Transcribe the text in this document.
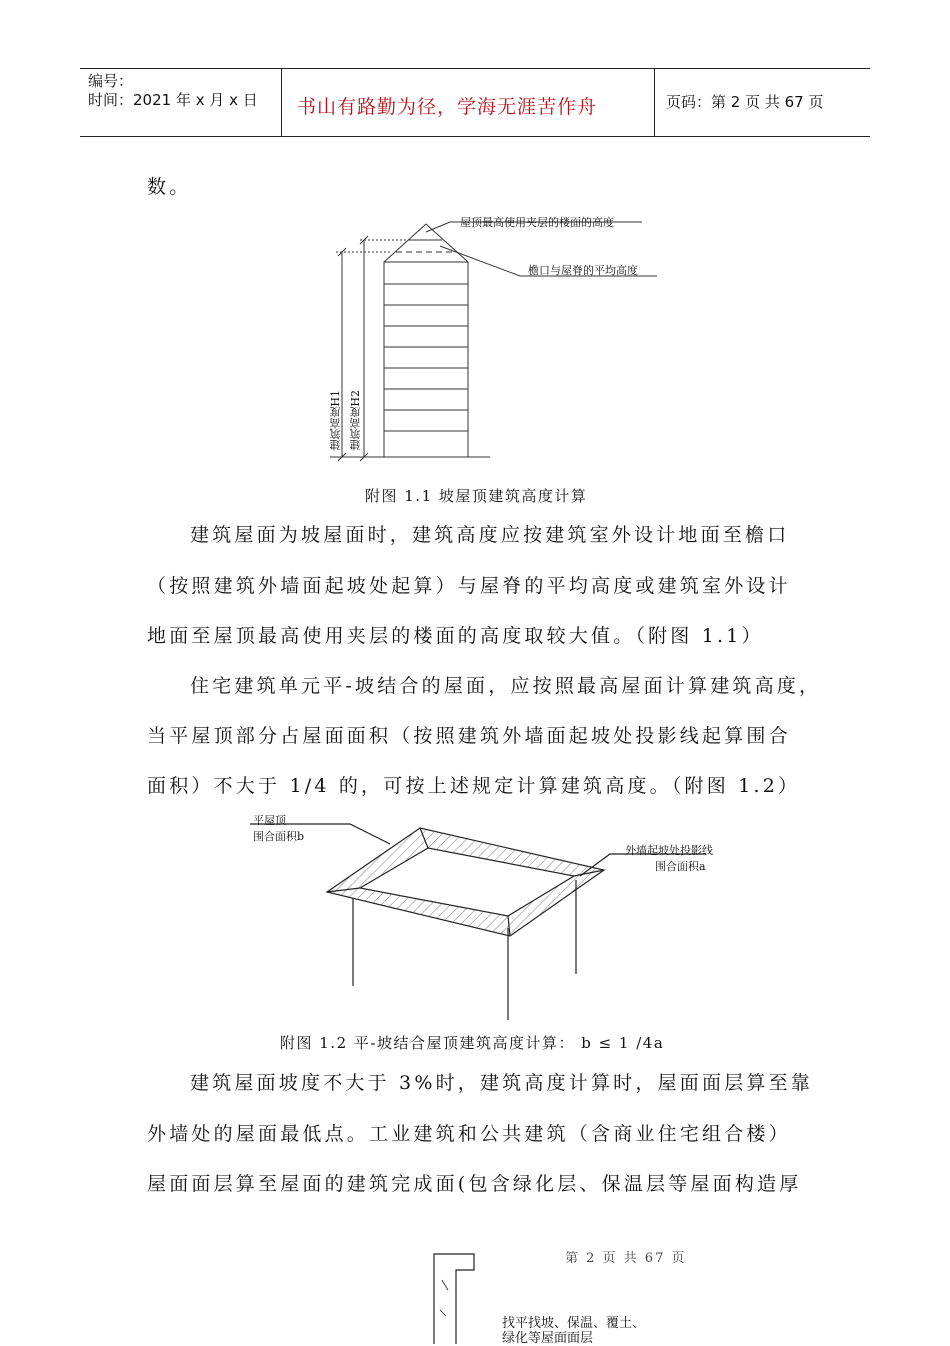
编号：
时间：2021 年 x 月 x 日 书山有路勤为径，学海无涯苦作舟	页码：第 2 页 共 67 页
数。
屋顶最高使用夹层的楼面的高度
檐口与屋脊的平均高度
建筑高度H1 建筑高度H2
附图 1.1 坡屋顶建筑高度计算
建筑屋面为坡屋面时，建筑高度应按建筑室外设计地面至檐口
（按照建筑外墙面起坡处起算）与屋脊的平均高度或建筑室外设计
地面至屋顶最高使用夹层的楼面的高度取较大值。（附图 1.1）
住宅建筑单元平-坡结合的屋面，应按照最高屋面计算建筑高度，
当平屋顶部分占屋面面积（按照建筑外墙面起坡处投影线起算围合
面积）不大于 1/4 的，可按上述规定计算建筑高度。（附图 1.2）
平屋顶
围合面积b
外墙起坡处投影线
围合面积a
附图 1.2 平-坡结合屋顶建筑高度计算： b ≤ 1 /4a
建筑屋面坡度不大于 3%时，建筑高度计算时，屋面面层算至靠
外墙处的屋面最低点。工业建筑和公共建筑（含商业住宅组合楼）
屋面面层算至屋面的建筑完成面(包含绿化层、保温层等屋面构造厚
第 2 页 共 67 页
找平找坡、保温、覆土、
绿化等屋面面层
